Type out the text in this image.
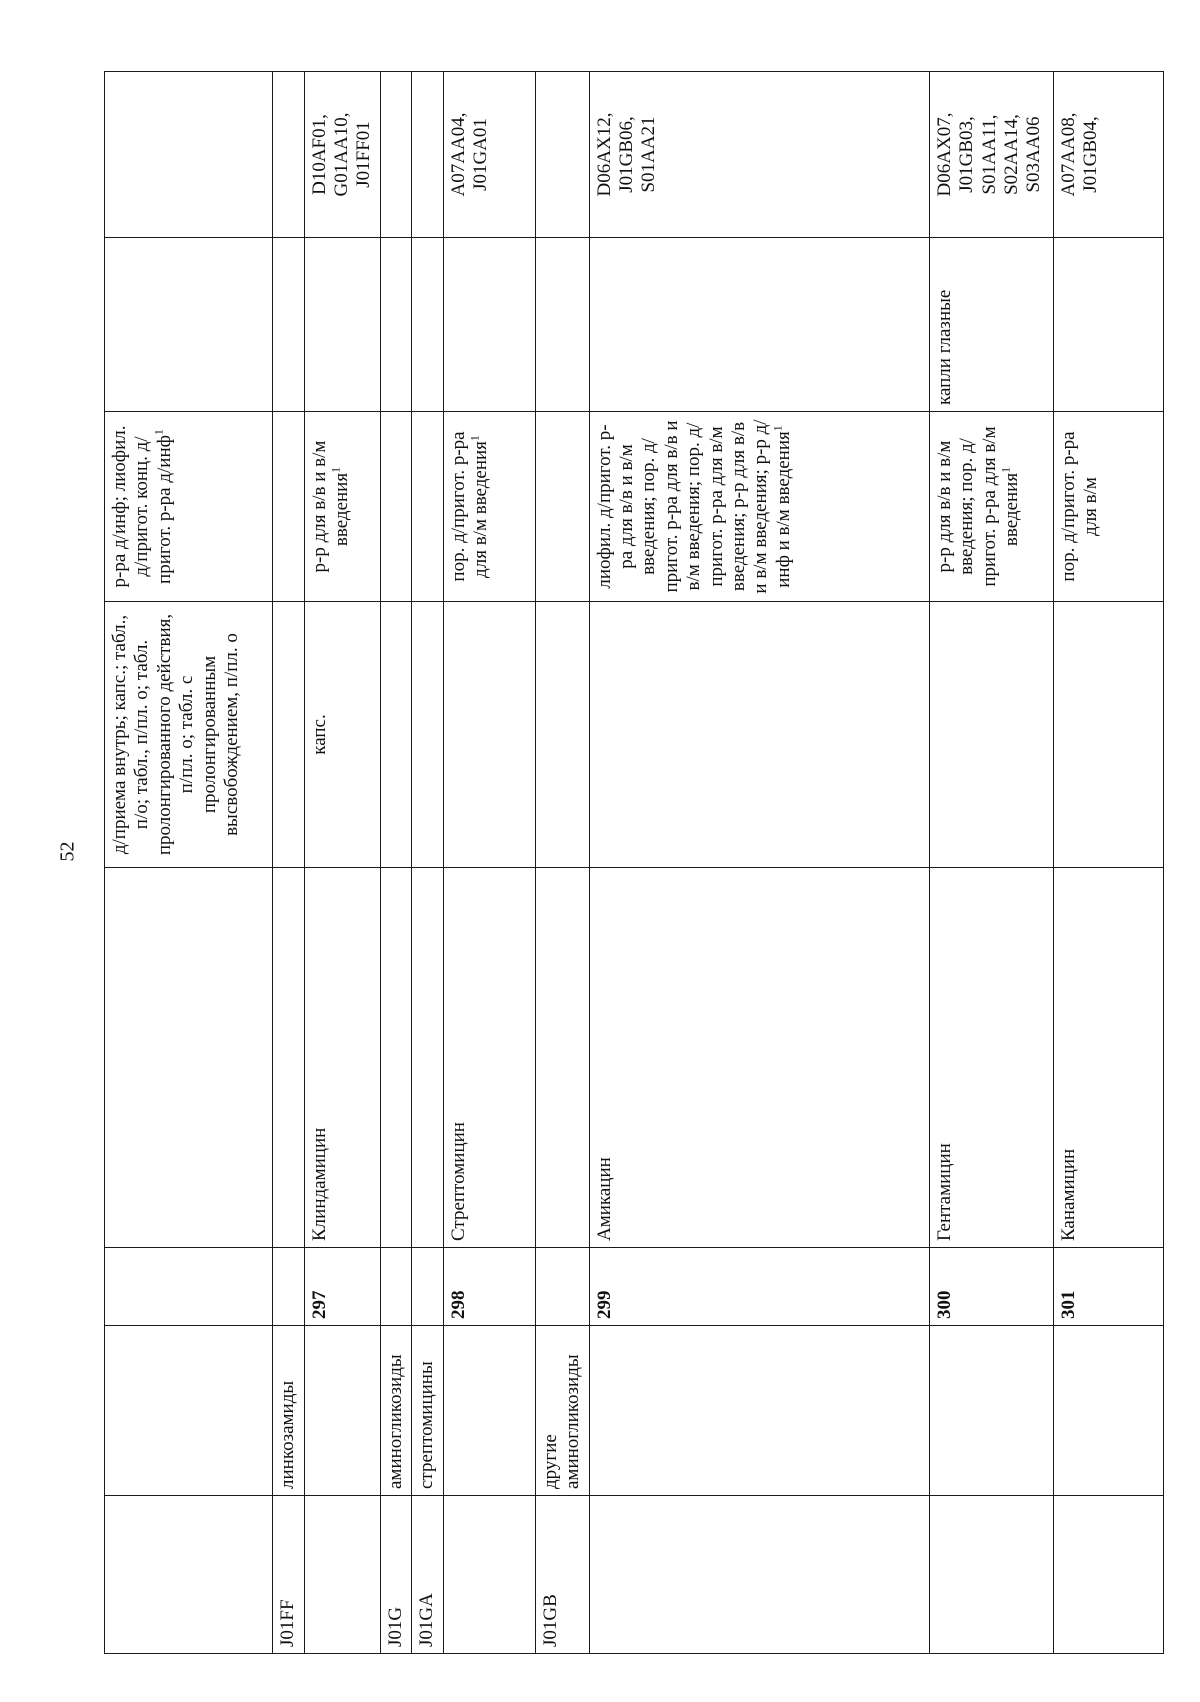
52
				д/приема внутрь; капс.; табл., п/о; табл., п/пл. о; табл. пролонгированного действия, п/пл. о; табл. с пролонгированным высвобождением, п/пл. о	р-ра д/инф; лиофил. д/пригот. конц. д/пригот. р-ра д/инф$^1$		
J01FF	линкозамиды						
		297	Клиндамицин	капс.	р-р для в/в и в/м введения$^1$		D10AF01, G01AA10, J01FF01
J01G	аминогликозиды						
J01GA	стрептомицины						
		298	Стрептомицин		пор. д/пригот. р-ра для в/м введения$^1$		A07AA04, J01GA01
J01GB	другие аминогликозиды						
		299	Амикацин		лиофил. д/пригот. р-ра для в/в и в/м введения; пор. д/пригот. р-ра для в/в и в/м введения; пор. д/пригот. р-ра для в/м введения; р-р для в/в и в/м введения; р-р д/инф и в/м введения$^1$		D06AX12, J01GB06, S01AA21
		300	Гентамицин		р-р для в/в и в/м введения; пор. д/пригот. р-ра для в/м введения$^1$	капли глазные	D06AX07, J01GB03, S01AA11, S02AA14, S03AA06
		301	Канамицин		пор. д/пригот. р-ра для в/м		A07AA08, J01GB04,
